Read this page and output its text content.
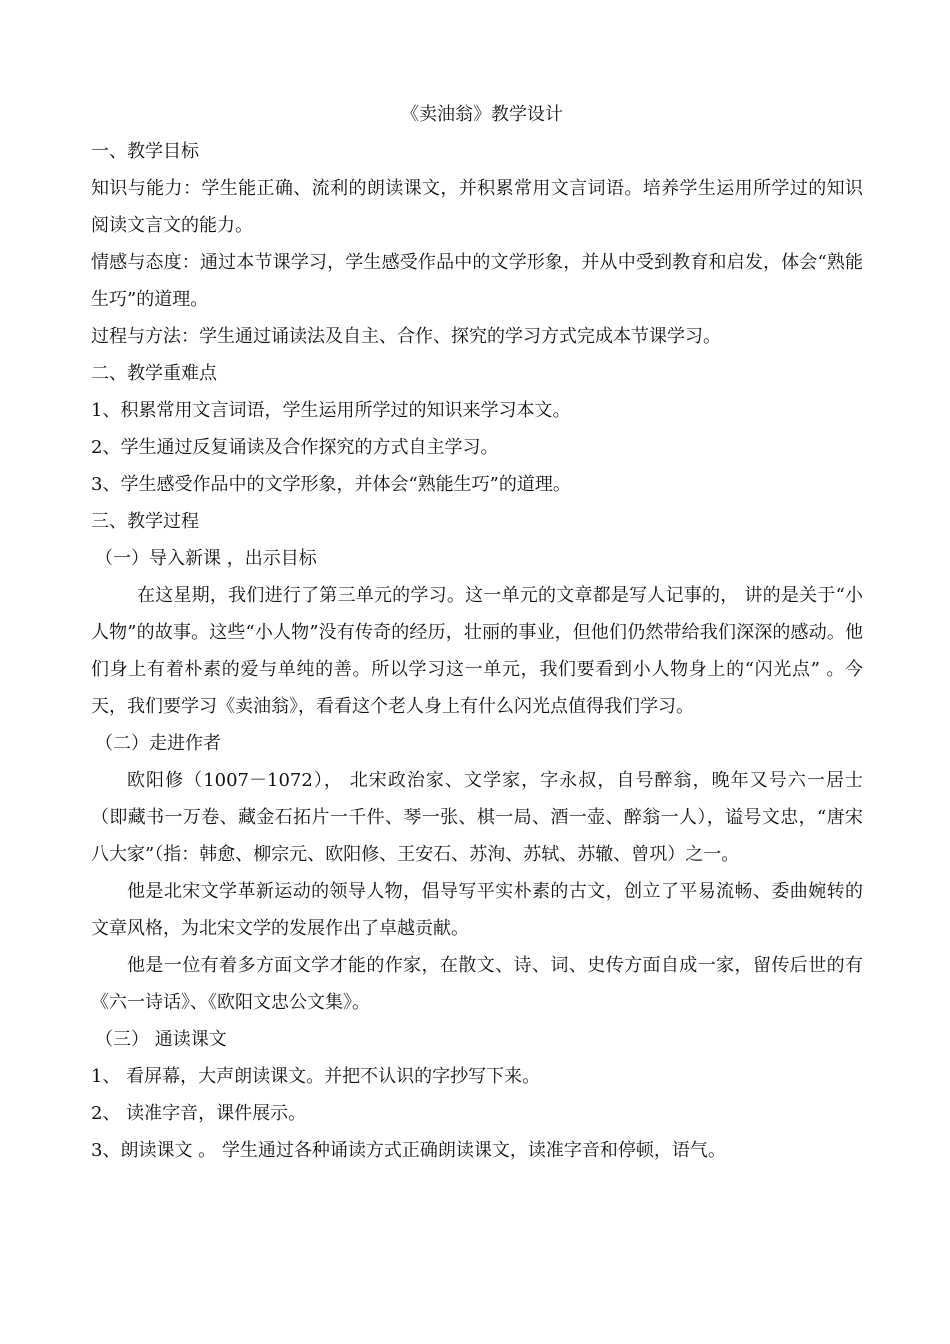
《卖油翁》教学设计

一、教学目标

知识与能力：学生能正确、流利的朗读课文，并积累常用文言词语。培养学生运用所学过的知识阅读文言文的能力。

情感与态度：通过本节课学习，学生感受作品中的文学形象，并从中受到教育和启发，体会“熟能生巧”的道理。

过程与方法：学生通过诵读法及自主、合作、探究的学习方式完成本节课学习。

二、教学重难点

1、积累常用文言词语，学生运用所学过的知识来学习本文。

2、学生通过反复诵读及合作探究的方式自主学习。

3、学生感受作品中的文学形象，并体会“熟能生巧”的道理。

三、教学过程

（一）导入新课 ，出示目标

在这星期，我们进行了第三单元的学习。这一单元的文章都是写人记事的， 讲的是关于“小人物”的故事。这些“小人物”没有传奇的经历，壮丽的事业，但他们仍然带给我们深深的感动。他们身上有着朴素的爱与单纯的善。所以学习这一单元，我们要看到小人物身上的“闪光点” 。今天，我们要学习《卖油翁》，看看这个老人身上有什么闪光点值得我们学习。

（二）走进作者

欧阳修（1007－1072）， 北宋政治家、文学家，字永叔，自号醉翁，晚年又号六一居士（即藏书一万卷、藏金石拓片一千件、琴一张、棋一局、酒一壶、醉翁一人），谥号文忠，“唐宋八大家”（指：韩愈、柳宗元、欧阳修、王安石、苏洵、苏轼、苏辙、曾巩）之一。

他是北宋文学革新运动的领导人物，倡导写平实朴素的古文，创立了平易流畅、委曲婉转的文章风格，为北宋文学的发展作出了卓越贡献。

他是一位有着多方面文学才能的作家，在散文、诗、词、史传方面自成一家，留传后世的有《六一诗话》、《欧阳文忠公文集》。

（三） 通读课文

1、 看屏幕，大声朗读课文。并把不认识的字抄写下来。

2、 读准字音，课件展示。

3、朗读课文 。 学生通过各种诵读方式正确朗读课文，读准字音和停顿，语气。
